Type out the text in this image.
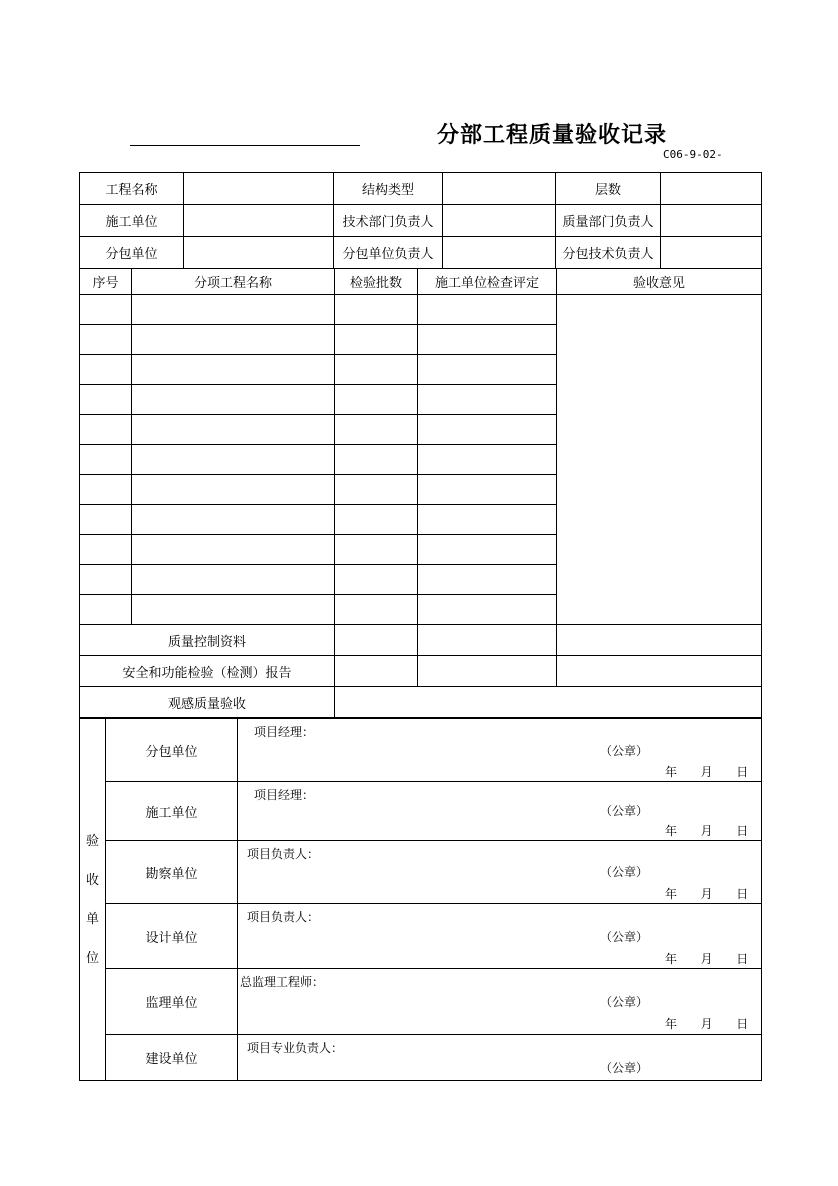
分部工程质量验收记录
C06-9-02-
工程名称		结构类型		层数	
施工单位		技术部门负责人		质量部门负责人	
分包单位		分包单位负责人		分包技术负责人	
序号	分项工程名称	检验批数	施工单位检查评定	验收意见

质量控制资料				
安全和功能检验（检测）报告				
观感质量验收				
验
收
单
位	分包单位	项目经理：
（公章）
年  月  日

	施工单位	项目经理：
（公章）
年  月  日

	勘察单位	项目负责人：
（公章）
年  月  日

	设计单位	项目负责人：
（公章）
年  月  日

	监理单位	总监理工程师：
（公章）
年  月  日

	建设单位	项目专业负责人：
（公章）
